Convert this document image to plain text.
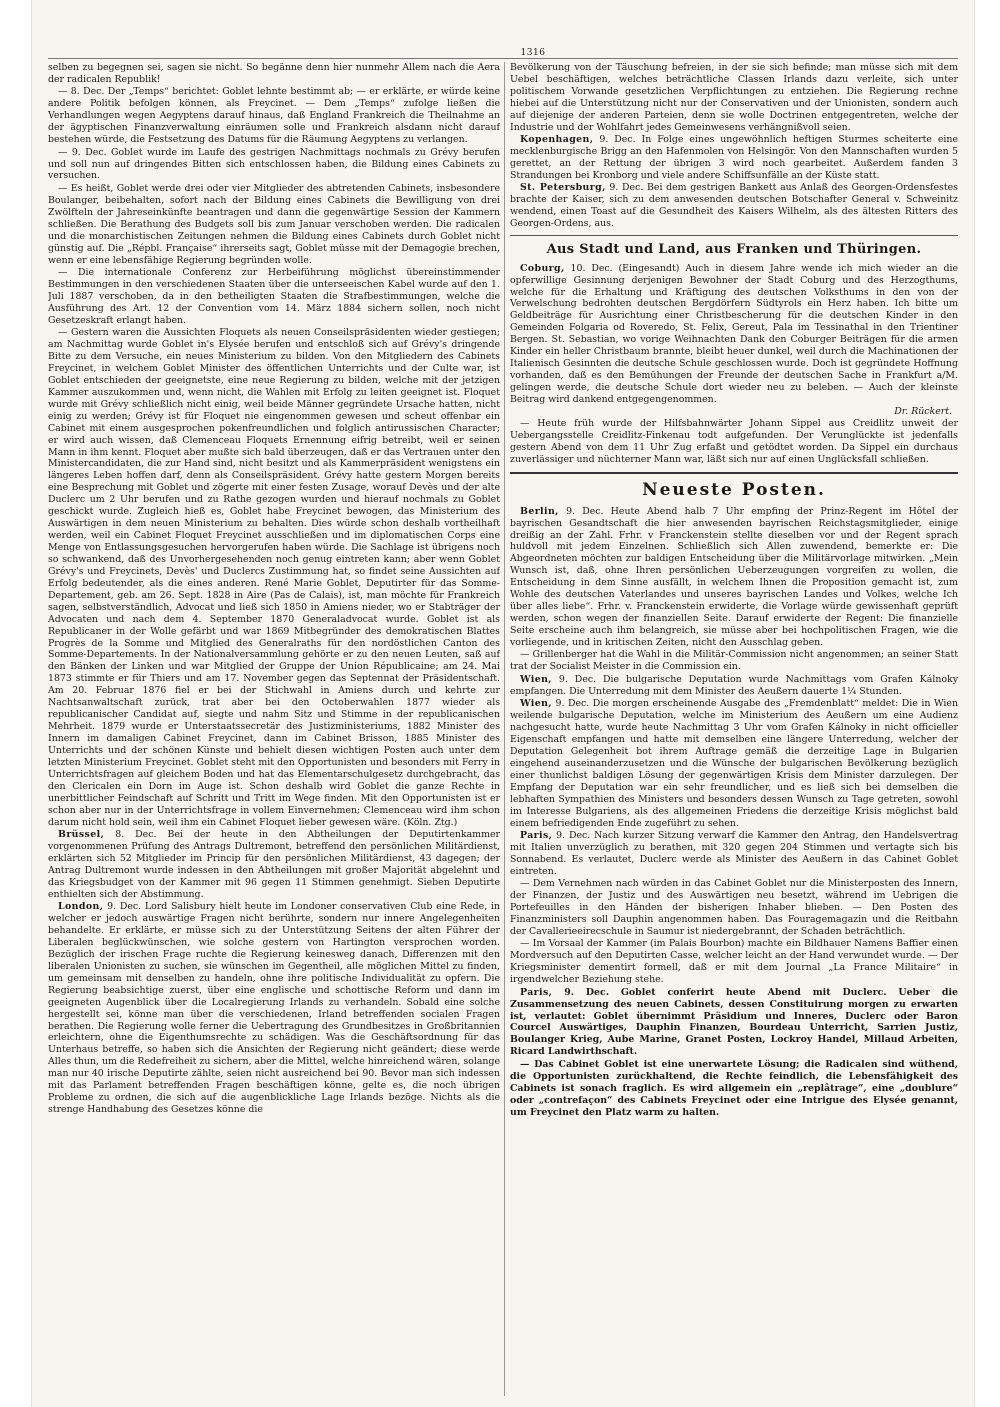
1316

selben zu begegnen sei, sagen sie nicht. So begänne denn hier nunmehr Allem nach die Aera der radicalen Republik!

— 8. Dec. Der „Temps“ berichtet: Goblet lehnte bestimmt ab; — er erklärte, er würde keine andere Politik befolgen können, als Freycinet. — Dem „Temps“ zufolge ließen die Verhandlungen wegen Aegyptens darauf hinaus, daß England Frankreich die Theilnahme an der ägyptischen Finanzverwaltung einräumen solle und Frankreich alsdann nicht darauf bestehen würde, die Festsetzung des Datums für die Räumung Aegyptens zu verlangen.

— 9. Dec. Goblet wurde im Laufe des gestrigen Nachmittags nochmals zu Grévy berufen und soll nun auf dringendes Bitten sich entschlossen haben, die Bildung eines Cabinets zu versuchen.

— Es heißt, Goblet werde drei oder vier Mitglieder des abtretenden Cabinets, insbesondere Boulanger, beibehalten, sofort nach der Bildung eines Cabinets die Bewilligung von drei Zwölfteln der Jahreseinkünfte beantragen und dann die gegenwärtige Session der Kammern schließen. Die Berathung des Budgets soll bis zum Januar verschoben werden. Die radicalen und die monarchistischen Zeitungen nehmen die Bildung eines Cabinets durch Goblet nicht günstig auf. Die „Répbl. Française“ ihrerseits sagt, Goblet müsse mit der Demagogie brechen, wenn er eine lebensfähige Regierung begründen wolle.

— Die internationale Conferenz zur Herbeiführung möglichst übereinstimmender Bestimmungen in den verschiedenen Staaten über die unterseeischen Kabel wurde auf den 1. Juli 1887 verschoben, da in den betheiligten Staaten die Strafbestimmungen, welche die Ausführung des Art. 12 der Convention vom 14. März 1884 sichern sollen, noch nicht Gesetzeskraft erlangt haben.

— Gestern waren die Aussichten Floquets als neuen Conseilspräsidenten wieder gestiegen; am Nachmittag wurde Goblet in's Elysée berufen und entschloß sich auf Grévy's dringende Bitte zu dem Versuche, ein neues Ministerium zu bilden. Von den Mitgliedern des Cabinets Freycinet, in welchem Goblet Minister des öffentlichen Unterrichts und der Culte war, ist Goblet entschieden der geeignetste, eine neue Regierung zu bilden, welche mit der jetzigen Kammer auszukommen und, wenn nicht, die Wahlen mit Erfolg zu leiten geeignet ist. Floquet wurde mit Grévy schließlich nicht einig, weil beide Männer gegründete Ursache hatten, nicht einig zu werden; Grévy ist für Floquet nie eingenommen gewesen und scheut offenbar ein Cabinet mit einem ausgesprochen pokenfreundlichen und folglich antirussischen Character; er wird auch wissen, daß Clemenceau Floquets Ernennung eifrig betreibt, weil er seinen Mann in ihm kennt. Floquet aber mußte sich bald überzeugen, daß er das Vertrauen unter den Ministercandidaten, die zur Hand sind, nicht besitzt und als Kammerpräsident wenigstens ein längeres Leben hoffen darf, denn als Conseilspräsident. Grévy hatte gestern Morgen bereits eine Besprechung mit Goblet und zögerte mit einer festen Zusage, worauf Devès und der alte Duclerc um 2 Uhr berufen und zu Rathe gezogen wurden und hierauf nochmals zu Goblet geschickt wurde. Zugleich hieß es, Goblet habe Freycinet bewogen, das Ministerium des Auswärtigen in dem neuen Ministerium zu behalten. Dies würde schon deshalb vortheilhaft werden, weil ein Cabinet Floquet Freycinet ausschließen und im diplomatischen Corps eine Menge von Entlassungsgesuchen hervorgerufen haben würde. Die Sachlage ist übrigens noch so schwankend, daß des Unvorhergesehenden noch genug eintreten kann; aber wenn Goblet Grévy's und Freycinets, Devès' und Duclercs Zustimmung hat, so findet seine Aussichten auf Erfolg bedeutender, als die eines anderen. René Marie Goblet, Deputirter für das Somme-Departement, geb. am 26. Sept. 1828 in Aire (Pas de Calais), ist, man möchte für Frankreich sagen, selbstverständlich, Advocat und ließ sich 1850 in Amiens nieder, wo er Stabträger der Advocaten und nach dem 4. September 1870 Generaladvocat wurde. Goblet ist als Republicaner in der Wolle gefärbt und war 1869 Mitbegründer des demokratischen Blattes Progrès de la Somme und Mitglied des Generalraths für den nordöstlichen Canton des Somme-Departements. In der Nationalversammlung gehörte er zu den neuen Leuten, saß auf den Bänken der Linken und war Mitglied der Gruppe der Union Républicaine; am 24. Mai 1873 stimmte er für Thiers und am 17. November gegen das Septennat der Präsidentschaft. Am 20. Februar 1876 fiel er bei der Stichwahl in Amiens durch und kehrte zur Nachtsanwaltschaft zurück, trat aber bei den Octoberwahlen 1877 wieder als republicanischer Candidat auf, siegte und nahm Sitz und Stimme in der republicanischen Mehrheit. 1879 wurde er Unterstaatssecretär des Justizministeriums, 1882 Minister des Innern im damaligen Cabinet Freycinet, dann im Cabinet Brisson, 1885 Minister des Unterrichts und der schönen Künste und behielt diesen wichtigen Posten auch unter dem letzten Ministerium Freycinet. Goblet steht mit den Opportunisten und besonders mit Ferry in Unterrichtsfragen auf gleichem Boden und hat das Elementarschulgesetz durchgebracht, das den Clericalen ein Dorn im Auge ist. Schon deshalb wird Goblet die ganze Rechte in unerbittlicher Feindschaft auf Schritt und Tritt im Wege finden. Mit den Opportunisten ist er schon aber nur in der Unterrichtsfrage in vollem Einvernehmen; Clemenceau wird ihm schon darum nicht hold sein, weil ihm ein Cabinet Floquet lieber gewesen wäre. (Köln. Ztg.)

Brüssel, 8. Dec. Bei der heute in den Abtheilungen der Deputirtenkammer vorgenommenen Prüfung des Antrags Dultremont, betreffend den persönlichen Militärdienst, erklärten sich 52 Mitglieder im Princip für den persönlichen Militärdienst, 43 dagegen; der Antrag Dultremont wurde indessen in den Abtheilungen mit großer Majorität abgelehnt und das Kriegsbudget von der Kammer mit 96 gegen 11 Stimmen genehmigt. Sieben Deputirte enthielten sich der Abstimmung.

London, 9. Dec. Lord Salisbury hielt heute im Londoner conservativen Club eine Rede, in welcher er jedoch auswärtige Fragen nicht berührte, sondern nur innere Angelegenheiten behandelte. Er erklärte, er müsse sich zu der Unterstützung Seitens der alten Führer der Liberalen beglückwünschen, wie solche gestern von Hartington versprochen worden. Bezüglich der irischen Frage ruchte die Regierung keinesweg danach, Differenzen mit den liberalen Unionisten zu suchen, sie wünschen im Gegentheil, alle möglichen Mittel zu finden, um gemeinsam mit denselben zu handeln, ohne ihre politische Individualität zu opfern. Die Regierung beabsichtige zuerst, über eine englische und schottische Reform und dann im geeigneten Augenblick über die Localregierung Irlands zu verhandeln. Sobald eine solche hergestellt sei, könne man über die verschiedenen, Irland betreffenden socialen Fragen berathen. Die Regierung wolle ferner die Uebertragung des Grundbesitzes in Großbritannien erleichtern, ohne die Eigenthumsrechte zu schädigen. Was die Geschäftsordnung für das Unterhaus betreffe, so haben sich die Ansichten der Regierung nicht geändert; diese werde Alles thun, um die Redefreiheit zu sichern, aber die Mittel, welche hinreichend wären, solange man nur 40 irische Deputirte zählte, seien nicht ausreichend bei 90. Bevor man sich indessen mit das Parlament betreffenden Fragen beschäftigen könne, gelte es, die noch übrigen Probleme zu ordnen, die sich auf die augenblickliche Lage Irlands bezöge. Nichts als die strenge Handhabung des Gesetzes könne die

Bevölkerung von der Täuschung befreien, in der sie sich befinde; man müsse sich mit dem Uebel beschäftigen, welches beträchtliche Classen Irlands dazu verleite, sich unter politischem Vorwande gesetzlichen Verpflichtungen zu entziehen. Die Regierung rechne hiebei auf die Unterstützung nicht nur der Conservativen und der Unionisten, sondern auch auf diejenige der anderen Parteien, denn sie wolle Doctrinen entgegentreten, welche der Industrie und der Wohlfahrt jedes Gemeinwesens verhängnißvoll seien.

Kopenhagen, 9. Dec. In Folge eines ungewöhnlich heftigen Sturmes scheiterte eine mecklenburgische Brigg an den Hafenmolen von Helsingör. Von den Mannschaften wurden 5 gerettet, an der Rettung der übrigen 3 wird noch gearbeitet. Außerdem fanden 3 Strandungen bei Kronborg und viele andere Schiffsunfälle an der Küste statt.

St. Petersburg, 9. Dec. Bei dem gestrigen Bankett aus Anlaß des Georgen-Ordensfestes brachte der Kaiser, sich zu dem anwesenden deutschen Botschafter General v. Schweinitz wendend, einen Toast auf die Gesundheit des Kaisers Wilhelm, als des ältesten Ritters des Georgen-Ordens, aus.

Aus Stadt und Land, aus Franken und Thüringen.

Coburg, 10. Dec. (Eingesandt) Auch in diesem Jahre wende ich mich wieder an die opferwillige Gesinnung derjenigen Bewohner der Stadt Coburg und des Herzogthums, welche für die Erhaltung und Kräftigung des deutschen Volksthums in den von der Verwelschung bedrohten deutschen Bergdörfern Südtyrols ein Herz haben. Ich bitte um Geldbeiträge für Ausrichtung einer Christbescherung für die deutschen Kinder in den Gemeinden Folgaria od Roveredo, St. Felix, Gereut, Pala im Tessinathal in den Trientiner Bergen. St. Sebastian, wo vorige Weihnachten Dank den Coburger Beiträgen für die armen Kinder ein heller Christbaum brannte, bleibt heuer dunkel, weil durch die Machinationen der Italienisch Gesinnten die deutsche Schule geschlossen wurde. Doch ist gegründete Hoffnung vorhanden, daß es den Bemühungen der Freunde der deutschen Sache in Frankfurt a/M. gelingen werde, die deutsche Schule dort wieder neu zu beleben. — Auch der kleinste Beitrag wird dankend entgegengenommen.

Dr. Rückert.

— Heute früh wurde der Hilfsbahnwärter Johann Sippel aus Creidlitz unweit der Uebergangsstelle Creidlitz-Finkenau todt aufgefunden. Der Verunglückte ist jedenfalls gestern Abend von dem 11 Uhr Zug erfaßt und getödtet worden. Da Sippel ein durchaus zuverlässiger und nüchterner Mann war, läßt sich nur auf einen Unglücksfall schließen.

Neueste Posten.

Berlin, 9. Dec. Heute Abend halb 7 Uhr empfing der Prinz-Regent im Hôtel der bayrischen Gesandtschaft die hier anwesenden bayrischen Reichstagsmitglieder, einige dreißig an der Zahl. Frhr. v Franckenstein stellte dieselben vor und der Regent sprach huldvoll mit jedem Einzelnen. Schließlich sich Allen zuwendend, bemerkte er: Die Abgeordneten möchten zur baldigen Entscheidung über die Militärvorlage mitwirken. „Mein Wunsch ist, daß, ohne Ihren persönlichen Ueberzeugungen vorgreifen zu wollen, die Entscheidung in dem Sinne ausfällt, in welchem Ihnen die Proposition gemacht ist, zum Wohle des deutschen Vaterlandes und unseres bayrischen Landes und Volkes, welche Ich über alles liebe“. Frhr. v. Franckenstein erwiderte, die Vorlage würde gewissenhaft geprüft werden, schon wegen der finanziellen Seite. Darauf erwiderte der Regent: Die finanzielle Seite erscheine auch ihm belangreich, sie müsse aber bei hochpolitischen Fragen, wie die vorliegende, und in kritischen Zeiten, nicht den Ausschlag geben.

— Grillenberger hat die Wahl in die Militär-Commission nicht angenommen; an seiner Statt trat der Socialist Meister in die Commission ein.

Wien, 9. Dec. Die bulgarische Deputation wurde Nachmittags vom Grafen Kálnoky empfangen. Die Unterredung mit dem Minister des Aeußern dauerte 1¼ Stunden.

Wien, 9. Dec. Die morgen erscheinende Ausgabe des „Fremdenblatt“ meldet: Die in Wien weilende bulgarische Deputation, welche im Ministerium des Aeußern um eine Audienz nachgesucht hatte, wurde heute Nachmittag 3 Uhr vom Grafen Kálnoky in nicht officieller Eigenschaft empfangen und hatte mit demselben eine längere Unterredung, welcher der Deputation Gelegenheit bot ihrem Auftrage gemäß die derzeitige Lage in Bulgarien eingehend auseinanderzusetzen und die Wünsche der bulgarischen Bevölkerung bezüglich einer thunlichst baldigen Lösung der gegenwärtigen Krisis dem Minister darzulegen. Der Empfang der Deputation war ein sehr freundlicher, und es ließ sich bei demselben die lebhaften Sympathien des Ministers und besonders dessen Wunsch zu Tage getreten, sowohl im Interesse Bulgariens, als des allgemeinen Friedens die derzeitige Krisis möglichst bald einem befriedigenden Ende zugeführt zu sehen.

Paris, 9. Dec. Nach kurzer Sitzung verwarf die Kammer den Antrag, den Handelsvertrag mit Italien unverzüglich zu berathen, mit 320 gegen 204 Stimmen und vertagte sich bis Sonnabend. Es verlautet, Duclerc werde als Minister des Aeußern in das Cabinet Goblet eintreten.

— Dem Vernehmen nach würden in das Cabinet Goblet nur die Ministerposten des Innern, der Finanzen, der Justiz und des Auswärtigen neu besetzt, während im Uebrigen die Portefeuilles in den Händen der bisherigen Inhaber blieben. — Den Posten des Finanzministers soll Dauphin angenommen haben. Das Fouragemagazin und die Reitbahn der Cavallerieeirecschule in Saumur ist niedergebrannt, der Schaden beträchtlich.

— Im Vorsaal der Kammer (im Palais Bourbon) machte ein Bildhauer Namens Baffier einen Mordversuch auf den Deputirten Casse, welcher leicht an der Hand verwundet wurde. — Der Kriegsminister dementirt formell, daß er mit dem Journal „La France Militaire“ in irgendwelcher Beziehung stehe.

Paris, 9. Dec. Goblet conferirt heute Abend mit Duclerc. Ueber die Zusammensetzung des neuen Cabinets, dessen Constituirung morgen zu erwarten ist, verlautet: Goblet übernimmt Präsidium und Inneres, Duclerc oder Baron Courcel Auswärtiges, Dauphin Finanzen, Bourdeau Unterricht, Sarrien Justiz, Boulanger Krieg, Aube Marine, Granet Posten, Lockroy Handel, Millaud Arbeiten, Ricard Landwirthschaft.

— Das Cabinet Goblet ist eine unerwartete Lösung; die Radicalen sind wüthend, die Opportunisten zurückhaltend, die Rechte feindlich, die Lebensfähigkeit des Cabinets ist sonach fraglich. Es wird allgemein ein „replâtrage“, eine „doublure“ oder „contrefaçon“ des Cabinets Freycinet oder eine Intrigue des Elysée genannt, um Freycinet den Platz warm zu halten.
